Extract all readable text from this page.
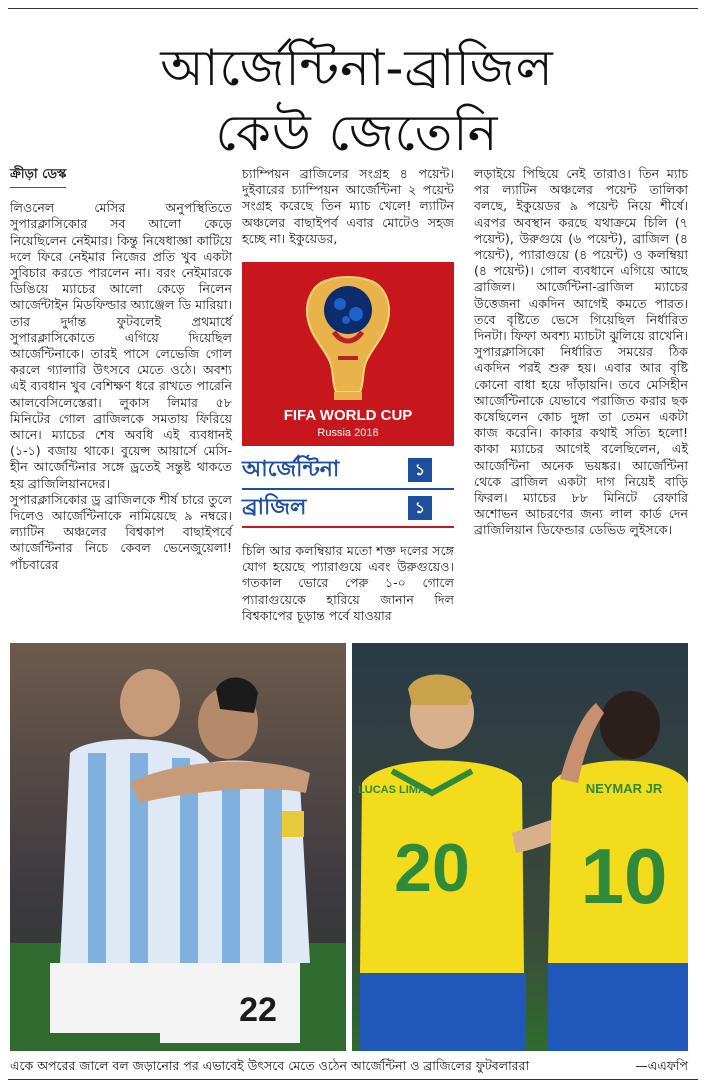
আর্জেন্টিনা-ব্রাজিল
কেউ জেতেনি

ক্রীড়া ডেস্ক

লিওনেল মেসির অনুপস্থিতিতে সুপারক্লাসিকোর সব আলো কেড়ে নিয়েছিলেন নেইমার। কিন্তু নিষেধাজ্ঞা কাটিয়ে দলে ফিরে নেইমার নিজের প্রতি খুব একটা সুবিচার করতে পারলেন না। বরং নেইমারকে ডিঙিয়ে ম্যাচের আলো কেড়ে নিলেন আর্জেন্টাইন মিডফিল্ডার অ্যাঞ্জেল ডি মারিয়া। তার দুর্দান্ত ফুটবলেই প্রথমার্ধে সুপারক্লাসিকোতে এগিয়ে দিয়েছিল আর্জেন্টিনাকে। তারই পাসে লেভেজি গোল করলে গ্যালারি উৎসবে মেতে ওঠে। অবশ্য এই ব্যবধান খুব বেশিক্ষণ ধরে রাখতে পারেনি আলবেসিলেস্তেরা। লুকাস লিমার ৫৮ মিনিটের গোল ব্রাজিলকে সমতায় ফিরিয়ে আনে। ম্যাচের শেষ অবধি এই ব্যবধানই (১-১) বজায় থাকে। বুয়েন্স আয়ার্সে মেসি-হীন আর্জেন্টিনার সঙ্গে ড্রতেই সন্তুষ্ট থাকতে হয় ব্রাজিলিয়ানদের।

সুপারক্লাসিকোর ড্র ব্রাজিলকে শীর্ষ চারে তুলে দিলেও আর্জেন্টিনাকে নামিয়েছে ৯ নম্বরে। ল্যাটিন অঞ্চলের বিশ্বকাপ বাছাইপর্বে আর্জেন্টিনার নিচে কেবল ভেনেজুয়েলা! পাঁচবারের

চ্যাম্পিয়ন ব্রাজিলের সংগ্রহ ৪ পয়েন্ট। দুইবারের চ্যাম্পিয়ন আর্জেন্টিনা ২ পয়েন্ট সংগ্রহ করেছে তিন ম্যাচ খেলে! ল্যাটিন অঞ্চলের বাছাইপর্ব এবার মোটেও সহজ হচ্ছে না। ইকুয়েডর,

FIFA WORLD CUP
Russia 2018
আর্জেন্টিনা	১
ব্রাজিল	১

চিলি আর কলম্বিয়ার মতো শক্ত দলের সঙ্গে যোগ হয়েছে প্যারাগুয়ে এবং উরুগুয়েও। গতকাল ভোরে পেরু ১-০ গোলে প্যারাগুয়েকে হারিয়ে জানান দিল বিশ্বকাপের চূড়ান্ত পর্বে যাওয়ার

লড়াইয়ে পিছিয়ে নেই তারাও। তিন ম্যাচ পর ল্যাটিন অঞ্চলের পয়েন্ট তালিকা বলছে, ইকুয়েডর ৯ পয়েন্ট নিয়ে শীর্ষে। এরপর অবস্থান করছে যথাক্রমে চিলি (৭ পয়েন্ট), উরুগুয়ে (৬ পয়েন্ট), ব্রাজিল (৪ পয়েন্ট), প্যারাগুয়ে (৪ পয়েন্ট) ও কলম্বিয়া (৪ পয়েন্ট)। গোল ব্যবধানে এগিয়ে আছে ব্রাজিল। আর্জেন্টিনা-ব্রাজিল ম্যাচের উত্তেজনা একদিন আগেই কমতে পারত। তবে বৃষ্টিতে ভেসে গিয়েছিল নির্ধারিত দিনটা। ফিফা অবশ্য ম্যাচটা ঝুলিয়ে রাখেনি। সুপারক্লাসিকো নির্ধারিত সময়ের ঠিক একদিন পরই শুরু হয়। এবার আর বৃষ্টি কোনো বাধা হয়ে দাঁড়ায়নি। তবে মেসিহীন আর্জেন্টিনাকে যেভাবে পরাজিত করার ছক কষেছিলেন কোচ দুঙ্গা তা তেমন একটা কাজ করেনি। কাকার কথাই সত্যি হলো! কাকা ম্যাচের আগেই বলেছিলেন, এই আর্জেন্টিনা অনেক ভয়ঙ্কর। আর্জেন্টিনা থেকে ব্রাজিল একটা দাগ নিয়েই বাড়ি ফিরল। ম্যাচের ৮৮ মিনিটে রেফারি অশোভন আচরণের জন্য লাল কার্ড দেন ব্রাজিলিয়ান ডিফেন্ডার ডেভিড লুইসকে।

22
20
LUCAS LIMA	NEYMAR JR
10
একে অপরের জালে বল জড়ানোর পর এভাবেই উৎসবে মেতে ওঠেন আর্জেন্টিনা ও ব্রাজিলের ফুটবলাররা	—এএফপি
